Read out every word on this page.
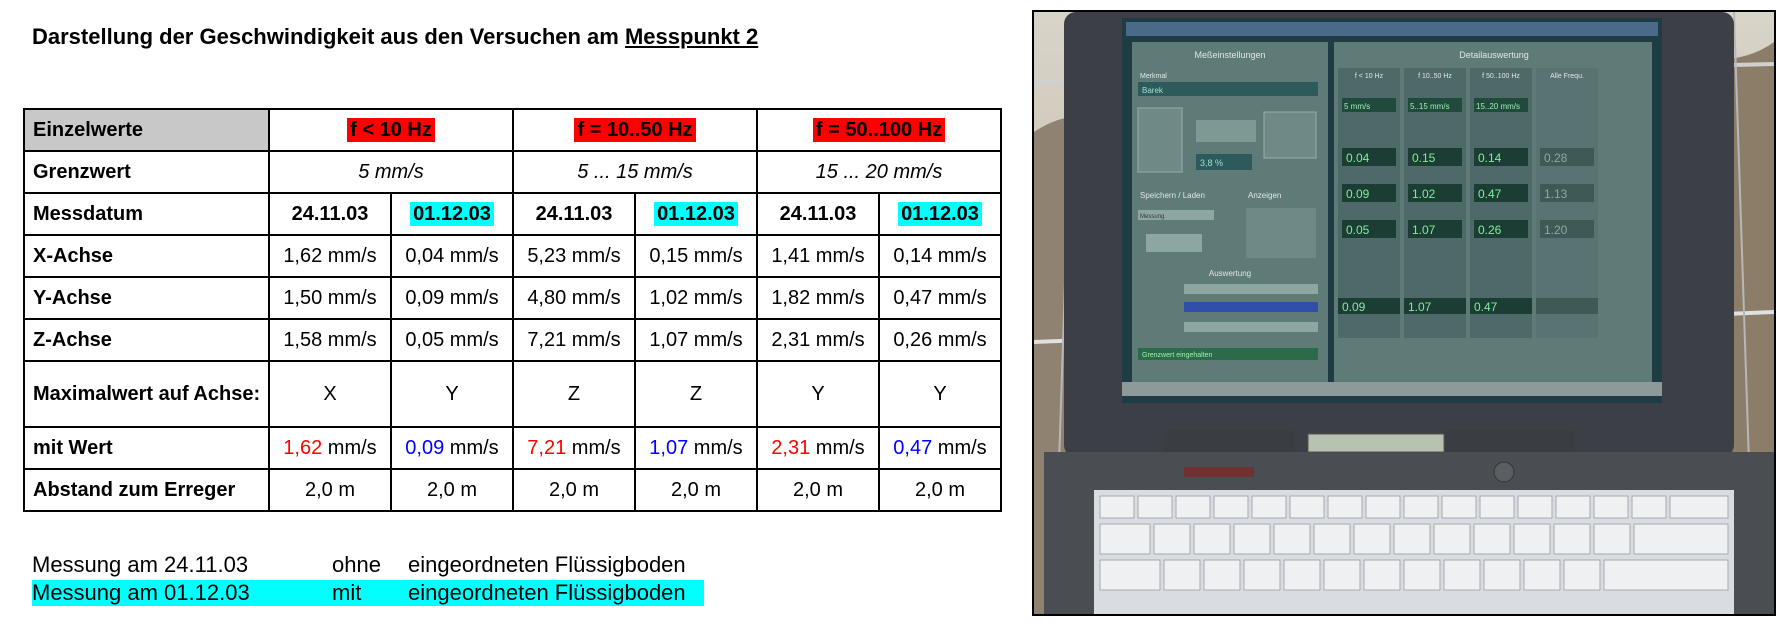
Darstellung der Geschwindigkeit aus den Versuchen am Messpunkt 2
Einzelwerte	f < 10 Hz		f = 10..50 Hz		f = 50..100 Hz	
Grenzwert	5 mm/s		5 ... 15 mm/s		15 ... 20 mm/s	
Messdatum	24.11.03	01.12.03	24.11.03	01.12.03	24.11.03	01.12.03
X-Achse	1,62 mm/s	0,04 mm/s	5,23 mm/s	0,15 mm/s	1,41 mm/s	0,14 mm/s
Y-Achse	1,50 mm/s	0,09 mm/s	4,80 mm/s	1,02 mm/s	1,82 mm/s	0,47 mm/s
Z-Achse	1,58 mm/s	0,05 mm/s	7,21 mm/s	1,07 mm/s	2,31 mm/s	0,26 mm/s
Maximalwert auf Achse:	X	Y	Z	Z	Y	Y
mit Wert	1,62 mm/s	0,09 mm/s	7,21 mm/s	1,07 mm/s	2,31 mm/s	0,47 mm/s
Abstand zum Erreger	2,0 m	2,0 m	2,0 m	2,0 m	2,0 m	2,0 m
Messung am 24.11.03	ohne eingeordneten Flüssigboden
Messung am 01.12.03	mit eingeordneten Flüssigboden
Meßeinstellungen
Merkmal
Barek
3,8 %
Speichern / Laden	Anzeigen
Messung
Auswertung
Grenzwert eingehalten
Detailauswertung
f < 10 Hz	f 10..50 Hz	f 50..100 Hz	Alle Frequ.
5 mm/s	5..15 mm/s	15..20 mm/s
0.04	0.15	0.14	0.28
0.09	1.02	0.47	1.13
0.05	1.07	0.26	1.20
0.09	1.07	0.47
